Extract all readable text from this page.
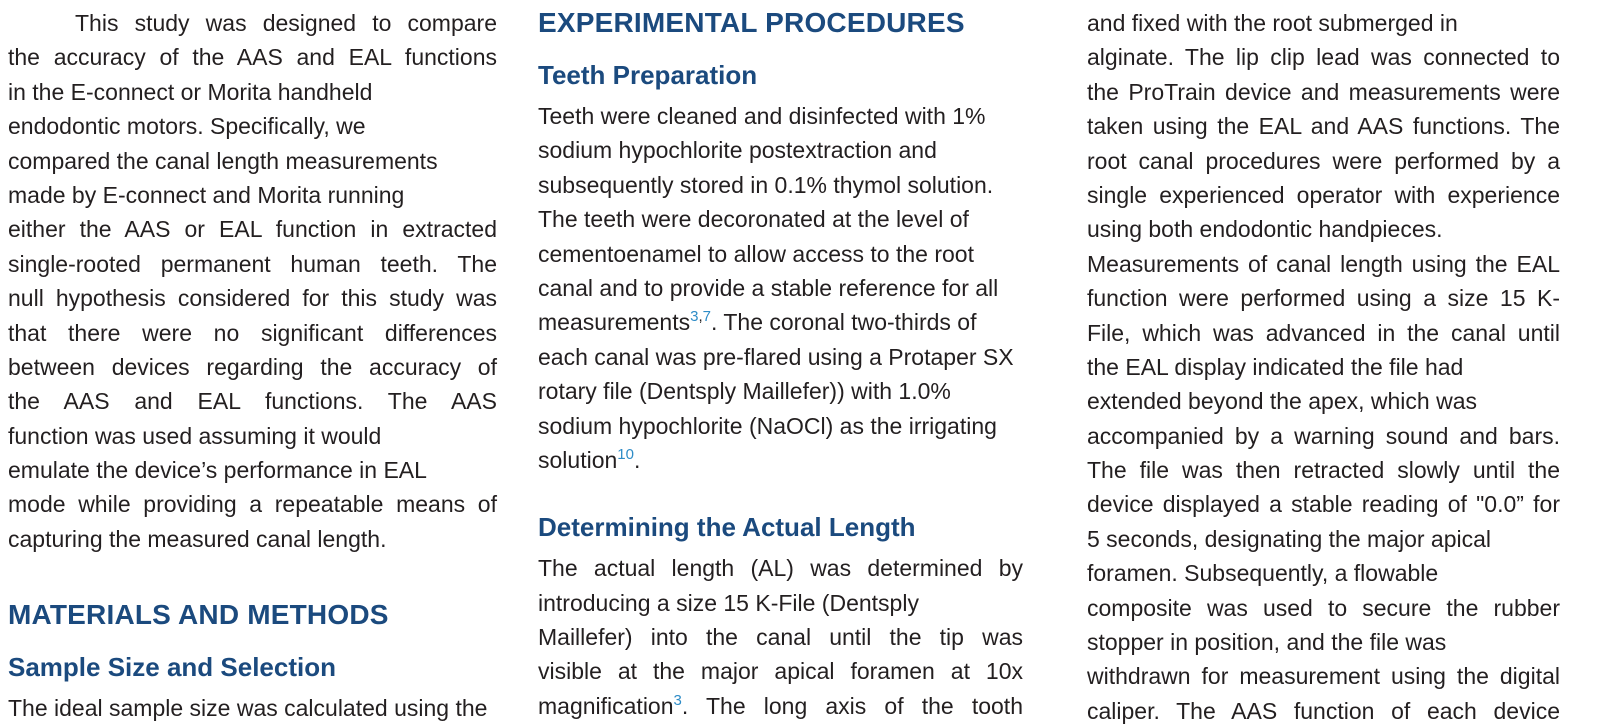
This study was designed to compare
the accuracy of the AAS and EAL functions
in the E-connect or Morita handheld
endodontic motors. Specifically, we
compared the canal length measurements
made by E-connect and Morita running
either the AAS or EAL function in extracted
single-rooted permanent human teeth. The
null hypothesis considered for this study was
that there were no significant differences
between devices regarding the accuracy of
the AAS and EAL functions. The AAS
function was used assuming it would
emulate the device’s performance in EAL
mode while providing a repeatable means of
capturing the measured canal length.
MATERIALS AND METHODS
Sample Size and Selection
The ideal sample size was calculated using the
EXPERIMENTAL PROCEDURES
Teeth Preparation
Teeth were cleaned and disinfected with 1%
sodium hypochlorite postextraction and
subsequently stored in 0.1% thymol solution.
The teeth were decoronated at the level of
cementoenamel to allow access to the root
canal and to provide a stable reference for all
measurements$^{3,7}$. The coronal two-thirds of
each canal was pre-flared using a Protaper SX
rotary file (Dentsply Maillefer)) with 1.0%
sodium hypochlorite (NaOCl) as the irrigating
solution$^{10}$.
Determining the Actual Length
The actual length (AL) was determined by
introducing a size 15 K-File (Dentsply
Maillefer) into the canal until the tip was
visible at the major apical foramen at 10x
magnification$^3$. The long axis of the tooth
and fixed with the root submerged in
alginate. The lip clip lead was connected to
the ProTrain device and measurements were
taken using the EAL and AAS functions. The
root canal procedures were performed by a
single experienced operator with experience
using both endodontic handpieces.
Measurements of canal length using the EAL
function were performed using a size 15 K-
File, which was advanced in the canal until
the EAL display indicated the file had
extended beyond the apex, which was
accompanied by a warning sound and bars.
The file was then retracted slowly until the
device displayed a stable reading of "0.0” for
5 seconds, designating the major apical
foramen. Subsequently, a flowable
composite was used to secure the rubber
stopper in position, and the file was
withdrawn for measurement using the digital
caliper. The AAS function of each device
